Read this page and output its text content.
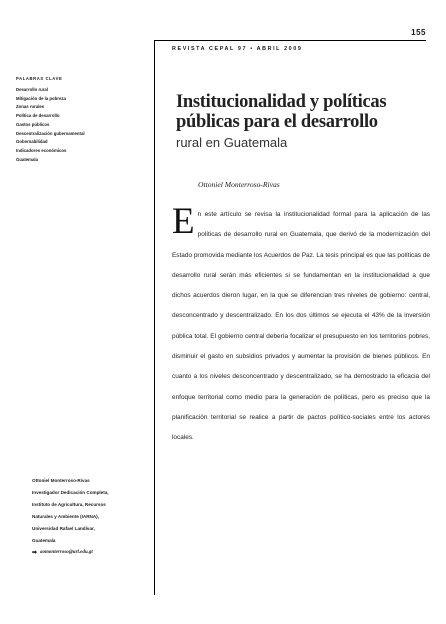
155
REVISTA CEPAL 97 • ABRIL 2009
PALABRAS CLAVE
Desarrollo rural
Mitigación de la pobreza
Zonas rurales
Política de desarrollo
Gastos públicos
Descentralización gubernamental
Gobernabilidad
Indicadores económicos
Guatemala
Institucionalidad y políticas
públicas para el desarrollo
rural en Guatemala
Ottoniel Monterroso-Rivas
En este artículo se revisa la institucionalidad formal para la aplicación de las políticas de desarrollo rural en Guatemala, que derivó de la modernización del Estado promovida mediante los Acuerdos de Paz. La tesis principal es que las políticas de desarrollo rural serán más eficientes si se fundamentan en la institucionalidad a que dichos acuerdos dieron lugar, en la que se diferencian tres niveles de gobierno: central, desconcentrado y descentralizado. En los dos últimos se ejecuta el 43% de la inversión pública total. El gobierno central debería focalizar el presupuesto en los territorios pobres, disminuir el gasto en subsidios privados y aumentar la provisión de bienes públicos. En cuanto a los niveles desconcentrado y descentralizado, se ha demostrado la eficacia del enfoque territorial como medio para la generación de políticas, pero es preciso que la planificación territorial se realice a partir de pactos político-sociales entre los actores locales.
Ottoniel Monterroso-Rivas
Investigador Dedicación Completa,
Instituto de Agricultura, Recursos
Naturales y Ambiente (IARNA),
Universidad Rafael Landívar,
Guatemala
➡ aomonterroso@url.edu.gt
